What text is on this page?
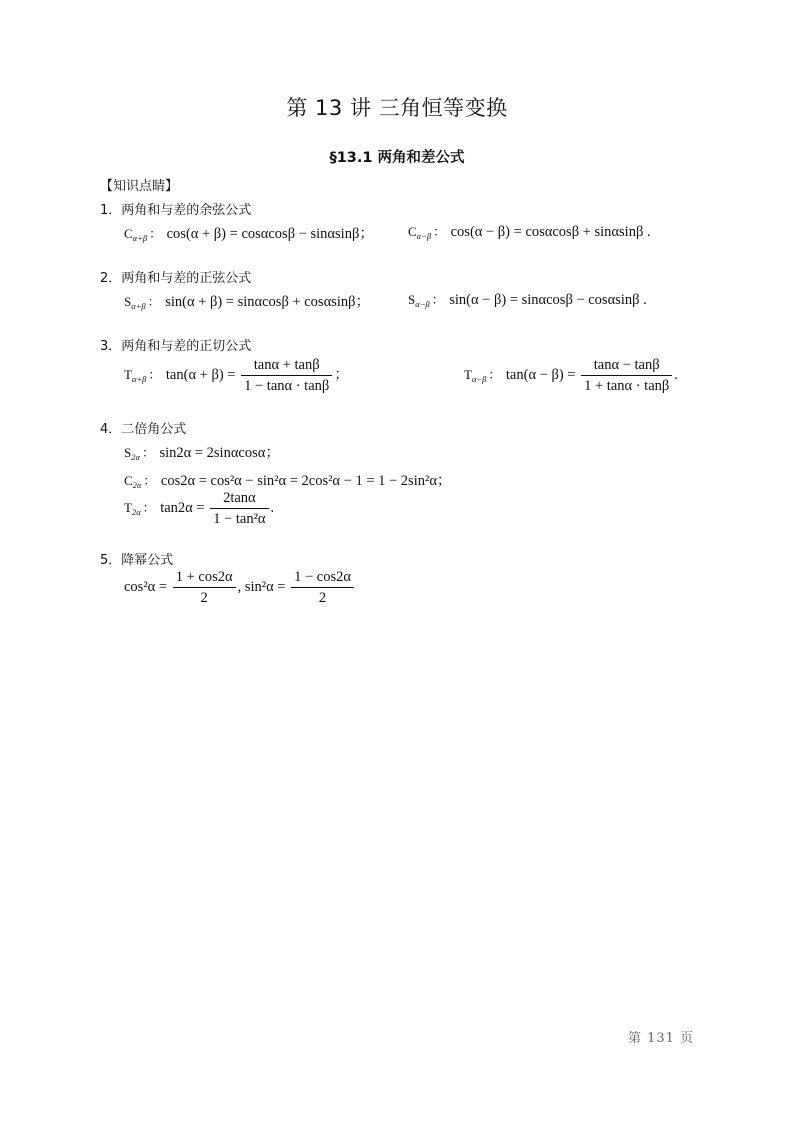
第 13 讲 三角恒等变换
§13.1 两角和差公式
【知识点睛】
1．两角和与差的余弦公式
$C_{\alpha+\beta}$ ： cos(α + β) = cosαcosβ − sinαsinβ；	$C_{\alpha-\beta}$ ： cos(α − β) = cosαcosβ + sinαsinβ .
2．两角和与差的正弦公式
$S_{\alpha+\beta}$ ： sin(α + β) = sinαcosβ + cosαsinβ；	$S_{\alpha-\beta}$ ： sin(α − β) = sinαcosβ − cosαsinβ .
3．两角和与差的正切公式
$T_{\alpha+\beta}$ ： $\tan(\alpha + \beta) = \frac{\tan\alpha + \tan\beta}{1 - \tan\alpha \cdot \tan\beta}$ ；	$T_{\alpha-\beta}$ ： $\tan(\alpha - \beta) = \frac{\tan\alpha - \tan\beta}{1 + \tan\alpha \cdot \tan\beta}$ .
4．二倍角公式
$S_{2\alpha}$ ： sin2α = 2sinαcosα；
$C_{2\alpha}$ ： cos2α = cos²α − sin²α = 2cos²α − 1 = 1 − 2sin²α；
$T_{2\alpha}$ ： $\tan 2\alpha = \frac{2\tan\alpha}{\text{1 − tan²α}}$ .
5．降幂公式
$\cos^2\alpha = \frac{1 + \cos 2\alpha}{2}$ , $\sin^2\alpha = \frac{1 - \cos 2\alpha}{2}$
第 131 页
